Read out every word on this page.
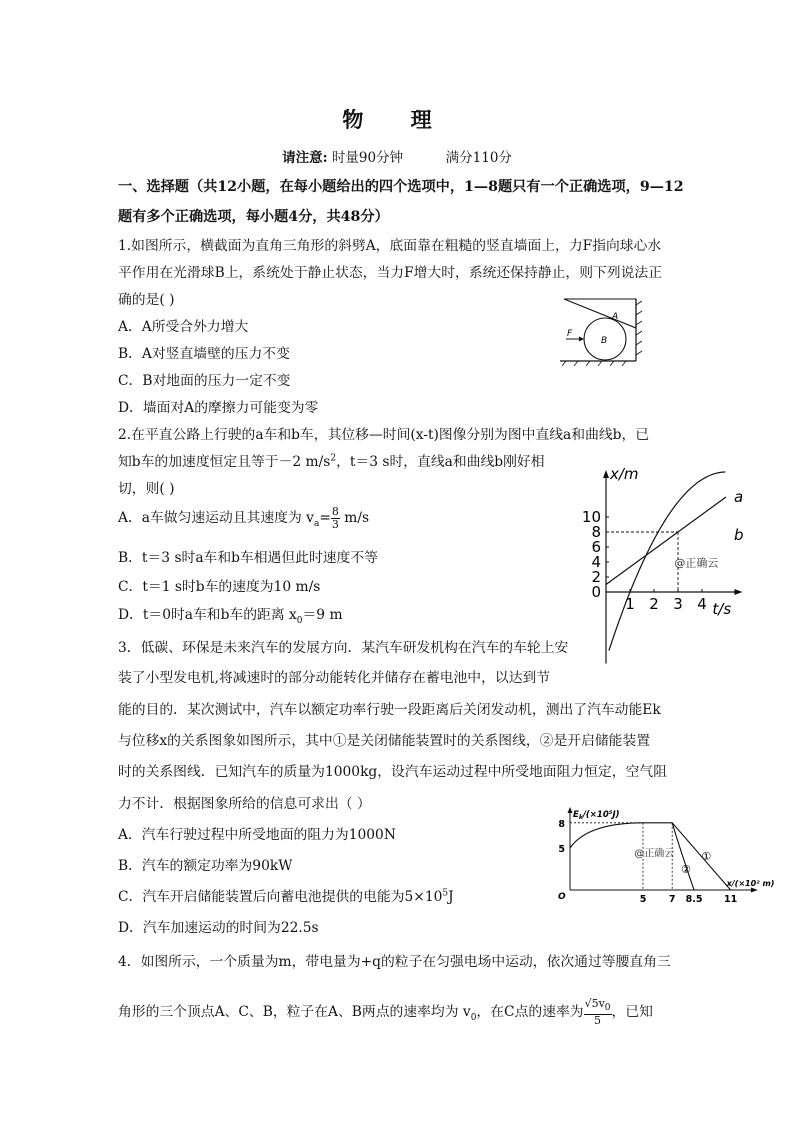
物 理
请注意: 时量90分钟	满分110分
一、选择题（共12小题，在每小题给出的四个选项中，1—8题只有一个正确选项，9—12
题有多个正确选项，每小题4分，共48分）
1.如图所示，横截面为直角三角形的斜劈A，底面靠在粗糙的竖直墙面上，力F指向球心水
平作用在光滑球B上，系统处于静止状态，当力F增大时，系统还保持静止，则下列说法正
确的是( )
A．A所受合外力增大
B．A对竖直墙壁的压力不变
C．B对地面的压力一定不变
D．墙面对A的摩擦力可能变为零
A
B
F
2.在平直公路上行驶的a车和b车，其位移—时间(x-t)图像分别为图中直线a和曲线b，已
知b车的加速度恒定且等于－2 $m/s^2$，t＝3 s时，直线a和曲线b刚好相
切，则( )
A．a车做匀速运动且其速度为 $v_a= \frac{8}{3} m/s$
B．t＝3 s时a车和b车相遇但此时速度不等
C．t＝1 s时b车的速度为10 m/s
D．t＝0时a车和b车的距离 $x_0=9$ m
x/m
t/s
0
2
4
6
8
10
1 2 3 4
a
b
@正确云
3．低碳、环保是未来汽车的发展方向．某汽车研发机构在汽车的车轮上安
装了小型发电机,将减速时的部分动能转化并储存在蓄电池中，以达到节
能的目的．某次测试中，汽车以额定功率行驶一段距离后关闭发动机，测出了汽车动能Ek
与位移x的关系图象如图所示，其中①是关闭储能装置时的关系图线，②是开启储能装置
时的关系图线．已知汽车的质量为1000kg，设汽车运动过程中所受地面阻力恒定，空气阻
力不计．根据图象所给的信息可求出（ ）
A．汽车行驶过程中所受地面的阻力为1000N
B．汽车的额定功率为90kW
C．汽车开启储能装置后向蓄电池提供的电能为$5\times 10^5J$
D．汽车加速运动的时间为22.5s
$E_k/(\times 10^5J)$
x/(×10² m)
O
5
8
5 7 8.5 11
①
②
@正确云
4．如图所示，一个质量为m，带电量为+q的粒子在匀强电场中运动，依次通过等腰直角三
角形的三个顶点A、C、B，粒子在A、B两点的速率均为 $v_0$，在C点的速率为 $\frac{√5v_0}{5}$ ，已知
